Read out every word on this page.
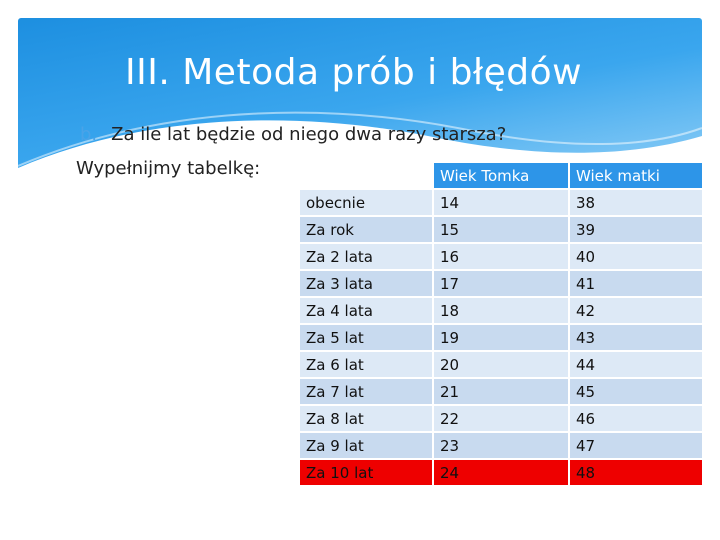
III. Metoda prób i błędów
b. Za ile lat będzie od niego dwa razy starsza?
Wypełnijmy tabelkę:
		Wiek Tomka	Wiek matki
obecnie	14	38
Za rok	15	39
Za 2 lata	16	40
Za 3 lata	17	41
Za 4 lata	18	42
Za 5 lat	19	43
Za 6 lat	20	44
Za 7 lat	21	45
Za 8 lat	22	46
Za 9 lat	23	47
Za 10 lat	24	48
